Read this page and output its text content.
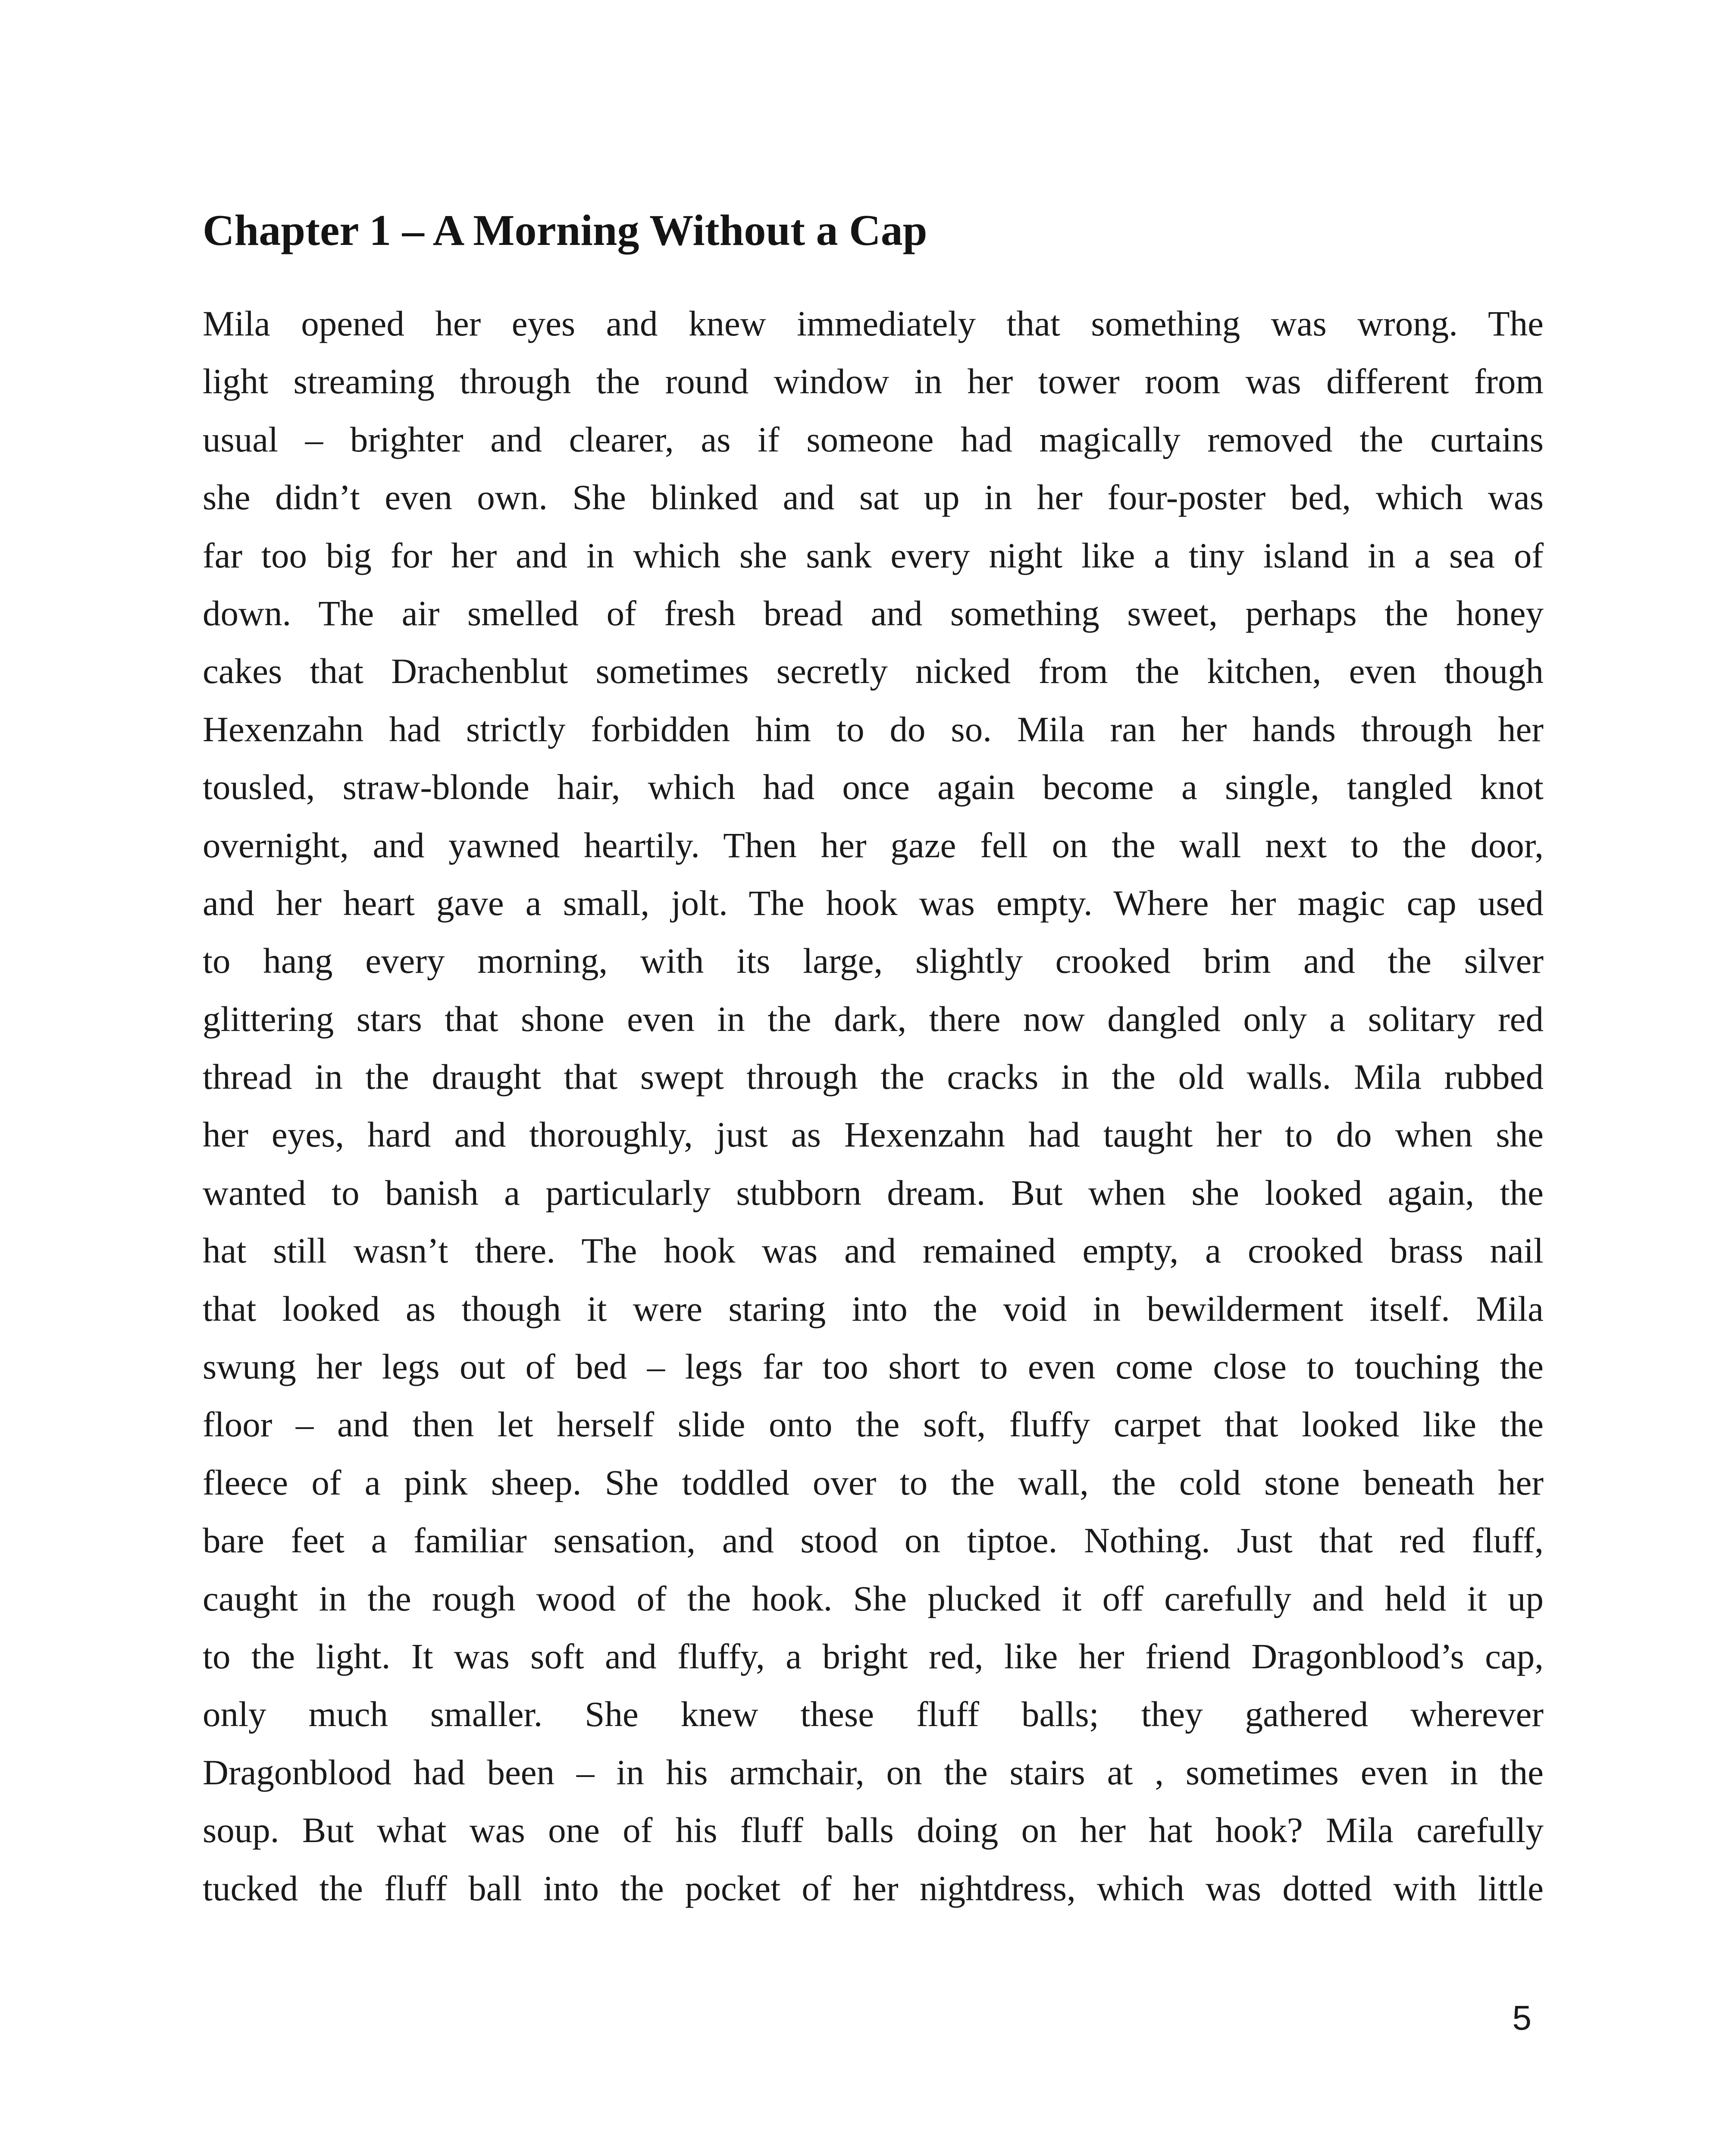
Chapter 1 – A Morning Without a Cap
Mila opened her eyes and knew immediately that something was wrong. The
light streaming through the round window in her tower room was different from
usual – brighter and clearer, as if someone had magically removed the curtains
she didn’t even own. She blinked and sat up in her four-poster bed, which was
far too big for her and in which she sank every night like a tiny island in a sea of
down. The air smelled of fresh bread and something sweet, perhaps the honey
cakes that Drachenblut sometimes secretly nicked from the kitchen, even though
Hexenzahn had strictly forbidden him to do so. Mila ran her hands through her
tousled, straw-blonde hair, which had once again become a single, tangled knot
overnight, and yawned heartily. Then her gaze fell on the wall next to the door,
and her heart gave a small, jolt. The hook was empty. Where her magic cap used
to hang every morning, with its large, slightly crooked brim and the silver
glittering stars that shone even in the dark, there now dangled only a solitary red
thread in the draught that swept through the cracks in the old walls. Mila rubbed
her eyes, hard and thoroughly, just as Hexenzahn had taught her to do when she
wanted to banish a particularly stubborn dream. But when she looked again, the
hat still wasn’t there. The hook was and remained empty, a crooked brass nail
that looked as though it were staring into the void in bewilderment itself. Mila
swung her legs out of bed – legs far too short to even come close to touching the
floor – and then let herself slide onto the soft, fluffy carpet that looked like the
fleece of a pink sheep. She toddled over to the wall, the cold stone beneath her
bare feet a familiar sensation, and stood on tiptoe. Nothing. Just that red fluff,
caught in the rough wood of the hook. She plucked it off carefully and held it up
to the light. It was soft and fluffy, a bright red, like her friend Dragonblood’s cap,
only much smaller. She knew these fluff balls; they gathered wherever
Dragonblood had been – in his armchair, on the stairs at , sometimes even in the
soup. But what was one of his fluff balls doing on her hat hook? Mila carefully
tucked the fluff ball into the pocket of her nightdress, which was dotted with little
5
